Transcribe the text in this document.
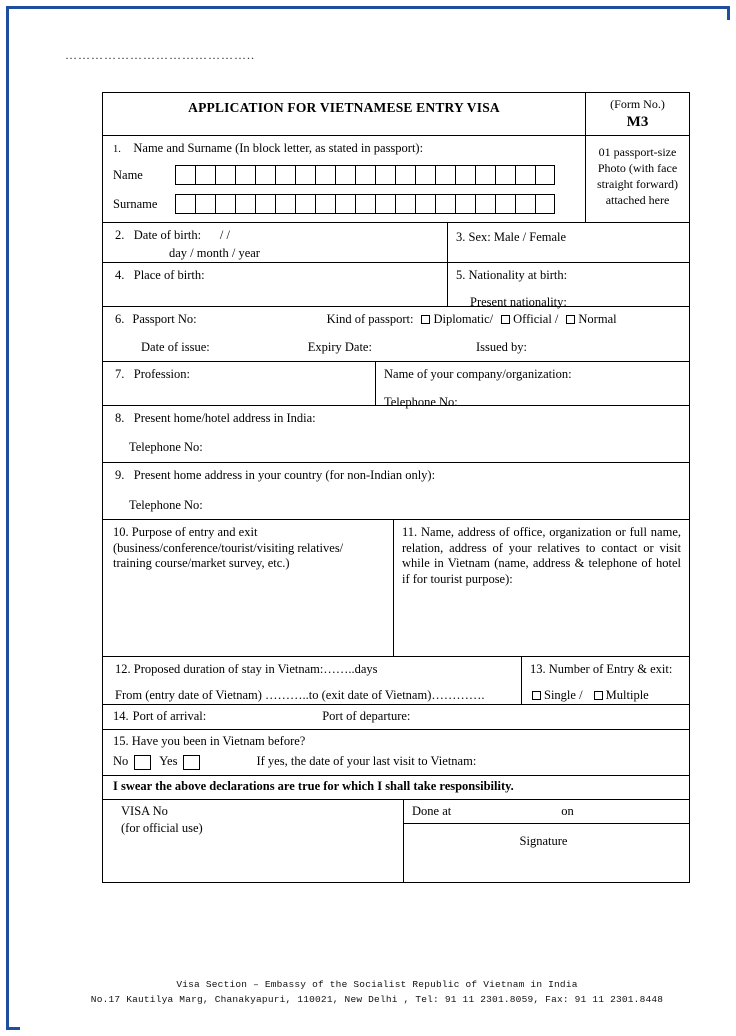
……………………………………..
APPLICATION FOR VIETNAMESE ENTRY VISA	(Form No.)
M3
1. Name and Surname (In block letter, as stated in passport):
Name
Surname
01 passport-size Photo (with face straight forward) attached here
2. Date of birth: / /
day / month / year
3. Sex: Male / Female
4. Place of birth:	5. Nationality at birth:
Present nationality:
6. Passport No:	Kind of passport:	Diplomatic/	Official /	Normal
Date of issue:	Expiry Date:	Issued by:
7. Profession:	Name of your company/organization:
Telephone No:
8. Present home/hotel address in India:
Telephone No:
9. Present home address in your country (for non-Indian only):
Telephone No:
10. Purpose of entry and exit
(business/conference/tourist/visiting relatives/
training course/market survey, etc.)
11. Name, address of office, organization or full name, relation, address of your relatives to contact or visit while in Vietnam (name, address & telephone of hotel if for tourist purpose):
12. Proposed duration of stay in Vietnam:……..days
From (entry date of Vietnam) ………..to (exit date of Vietnam)………….
13. Number of Entry & exit:
Single / Multiple
14. Port of arrival:	Port of departure:
15. Have you been in Vietnam before?
No Yes	If yes, the date of your last visit to Vietnam:
I swear the above declarations are true for which I shall take responsibility.
VISA No
(for official use)
Done at	on
Signature
Visa Section – Embassy of the Socialist Republic of Vietnam in India
No.17 Kautilya Marg, Chanakyapuri, 110021, New Delhi , Tel: 91 11 2301.8059, Fax: 91 11 2301.8448
